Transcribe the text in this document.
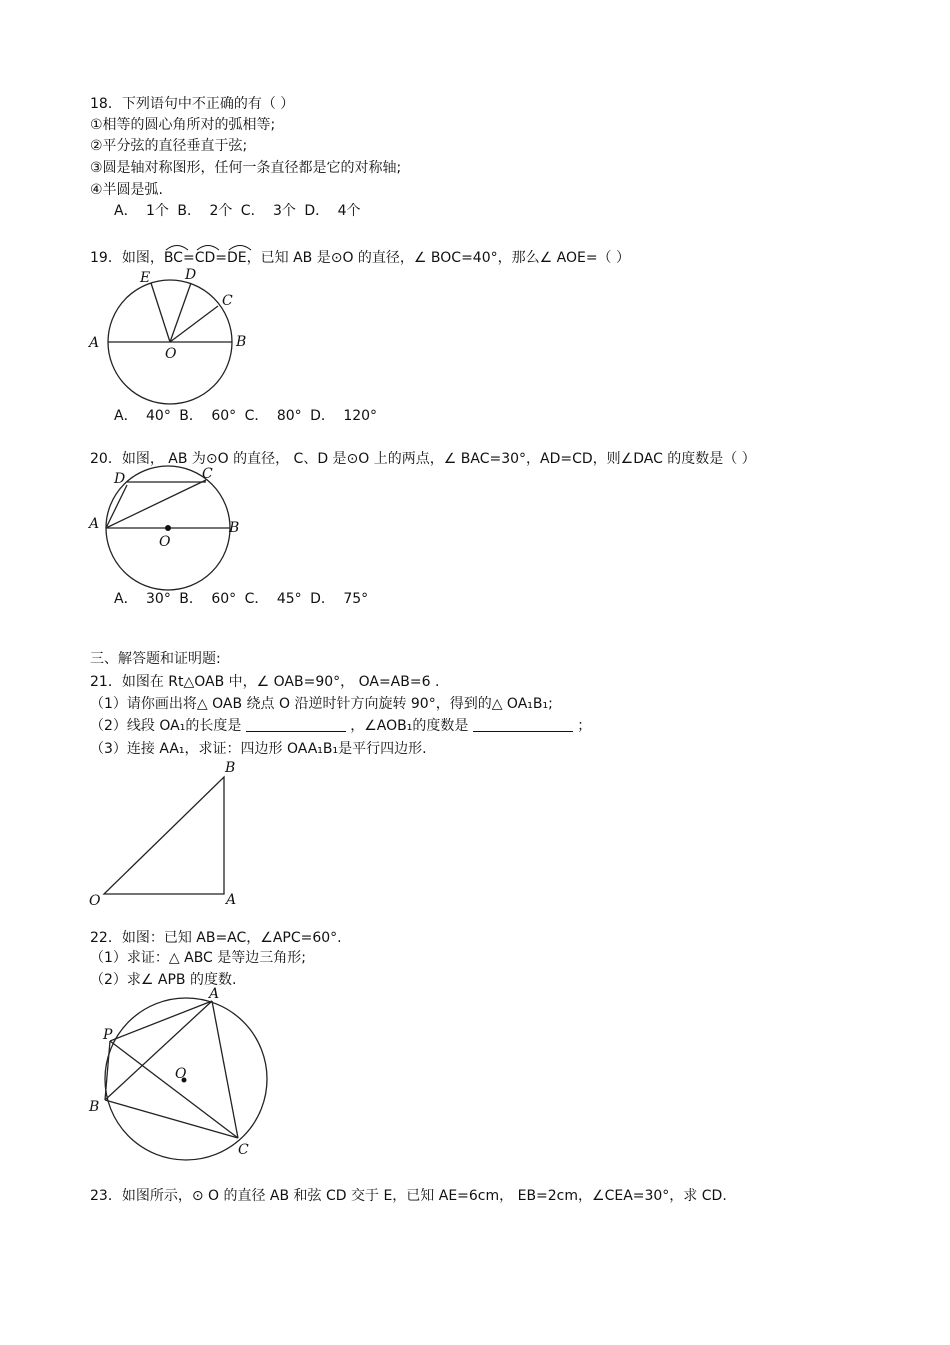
18．下列语句中不正确的有（ ）
①相等的圆心角所对的弧相等;
②平分弦的直径垂直于弦;
③圆是轴对称图形，任何一条直径都是它的对称轴;
④半圆是弧.
A． 1个 B． 2个 C． 3个 D． 4个
19．如图，
BC=
CD=
DE，已知 AB 是⊙O 的直径，∠ BOC=40°，那么∠ AOE=（ ）
A	B
C
D
E
O
A． 40° B． 60° C． 80° D． 120°
20．如图， AB 为⊙O 的直径， C、D 是⊙O 上的两点，∠ BAC=30°，AD=CD，则∠DAC 的度数是（ ）
A	B
C
D
O
A． 30° B． 60° C． 45° D． 75°
三、解答题和证明题:
21．如图在 Rt△OAB 中，∠ OAB=90°， OA=AB=6 .
（1）请你画出将△ OAB 绕点 O 沿逆时针方向旋转 90°，得到的△ OA₁B₁;
（2）线段 OA₁的长度是	，∠AOB₁的度数是	；
（3）连接 AA₁，求证：四边形 OAA₁B₁是平行四边形.
O	A
B
22．如图：已知 AB=AC，∠APC=60°.
（1）求证：△ ABC 是等边三角形;
（2）求∠ APB 的度数.
A
B
C
P
O
23．如图所示，⊙ O 的直径 AB 和弦 CD 交于 E，已知 AE=6cm， EB=2cm，∠CEA=30°，求 CD.
